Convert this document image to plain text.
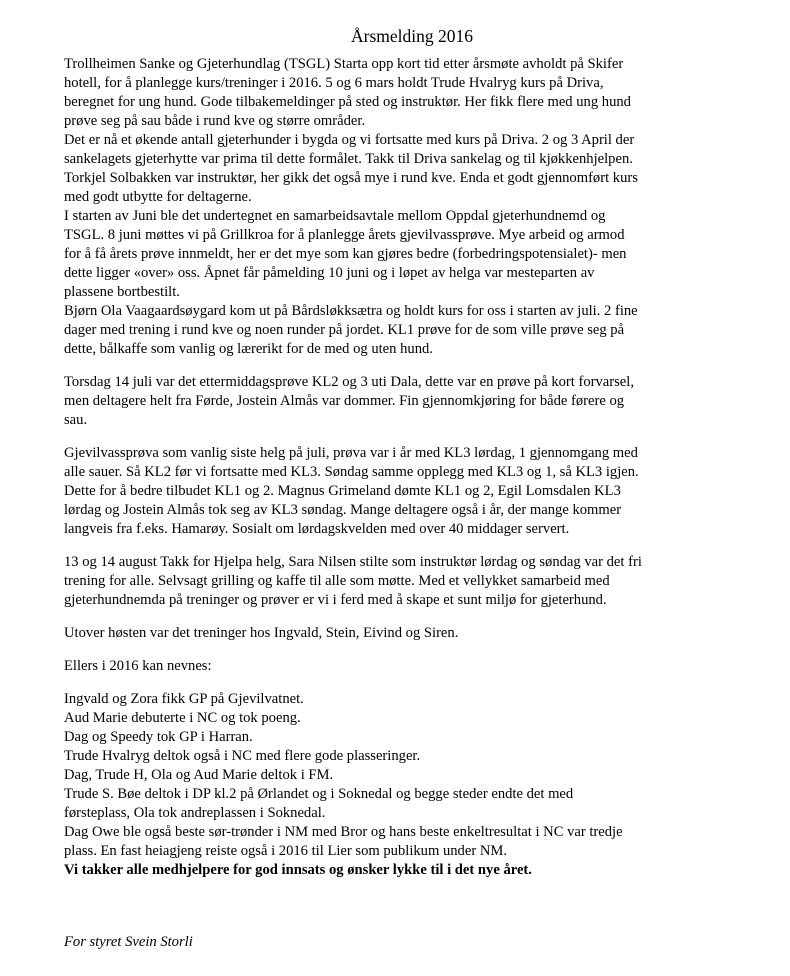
Årsmelding 2016

Trollheimen Sanke og Gjeterhundlag (TSGL) Starta opp kort tid etter årsmøte avholdt på Skifer

hotell, for å planlegge kurs/treninger i 2016. 5 og 6 mars holdt Trude Hvalryg kurs på Driva,

beregnet for ung hund. Gode tilbakemeldinger på sted og instruktør. Her fikk flere med ung hund

prøve seg på sau både i rund kve og større områder.

Det er nå et økende antall gjeterhunder i bygda og vi fortsatte med kurs på Driva. 2 og 3 April der

sankelagets gjeterhytte var prima til dette formålet. Takk til Driva sankelag og til kjøkkenhjelpen.

Torkjel Solbakken var instruktør, her gikk det også mye i rund kve. Enda et godt gjennomført kurs

med godt utbytte for deltagerne.

I starten av Juni ble det undertegnet en samarbeidsavtale mellom Oppdal gjeterhundnemd og

TSGL. 8 juni møttes vi på Grillkroa for å planlegge årets gjevilvassprøve. Mye arbeid og armod

for å få årets prøve innmeldt, her er det mye som kan gjøres bedre (forbedringspotensialet)- men

dette ligger «over» oss. Åpnet får påmelding 10 juni og i løpet av helga var mesteparten av

plassene bortbestilt.

Bjørn Ola Vaagaardsøygard kom ut på Bårdsløkksætra og holdt kurs for oss i starten av juli. 2 fine

dager med trening i rund kve og noen runder på jordet. KL1 prøve for de som ville prøve seg på

dette, bålkaffe som vanlig og lærerikt for de med og uten hund.

Torsdag 14 juli var det ettermiddagsprøve KL2 og 3 uti Dala, dette var en prøve på kort forvarsel,

men deltagere helt fra Førde, Jostein Almås var dommer. Fin gjennomkjøring for både førere og

sau.

Gjevilvassprøva som vanlig siste helg på juli, prøva var i år med KL3 lørdag, 1 gjennomgang med

alle sauer. Så KL2 før vi fortsatte med KL3. Søndag samme opplegg med KL3 og 1, så KL3 igjen.

Dette for å bedre tilbudet KL1 og 2. Magnus Grimeland dømte KL1 og 2, Egil Lomsdalen KL3

lørdag og Jostein Almås tok seg av KL3 søndag. Mange deltagere også i år, der mange kommer

langveis fra f.eks. Hamarøy. Sosialt om lørdagskvelden med over 40 middager servert.

13 og 14 august Takk for Hjelpa helg, Sara Nilsen stilte som instruktør lørdag og søndag var det fri

trening for alle. Selvsagt grilling og kaffe til alle som møtte. Med et vellykket samarbeid med

gjeterhundnemda på treninger og prøver er vi i ferd med å skape et sunt miljø for gjeterhund.

Utover høsten var det treninger hos Ingvald, Stein, Eivind og Siren.

Ellers i 2016 kan nevnes:

Ingvald og Zora fikk GP på Gjevilvatnet.

Aud Marie debuterte i NC og tok poeng.

Dag og Speedy tok GP i Harran.

Trude Hvalryg deltok også i NC med flere gode plasseringer.

Dag, Trude H, Ola og Aud Marie deltok i FM.

Trude S. Bøe deltok i DP kl.2 på Ørlandet og i Soknedal og begge steder endte det med

førsteplass, Ola tok andreplassen i Soknedal.

Dag Owe ble også beste sør-trønder i NM med Bror og hans beste enkeltresultat i NC var tredje

plass. En fast heiagjeng reiste også i 2016 til Lier som publikum under NM.

Vi takker alle medhjelpere for god innsats og ønsker lykke til i det nye året.

For styret Svein Storli
